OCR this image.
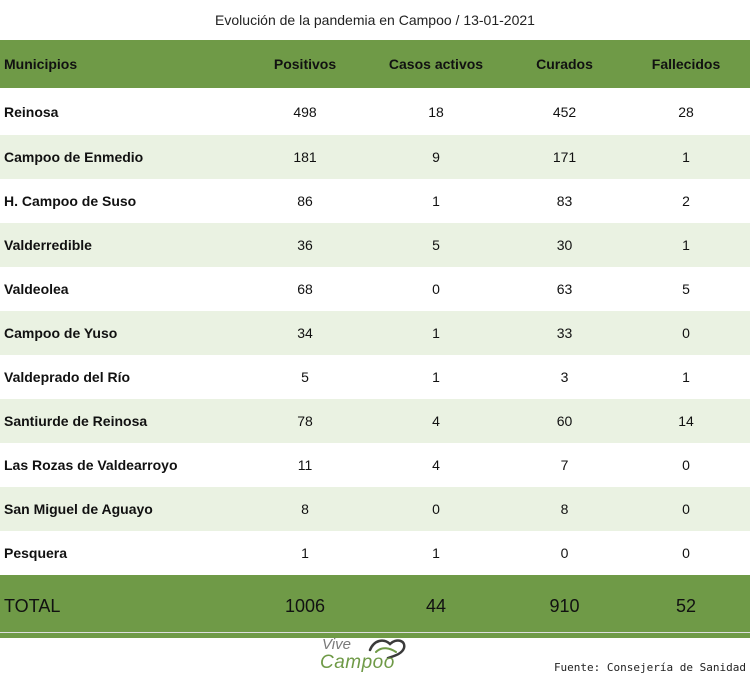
Evolución de la pandemia en Campoo / 13-01-2021
Municipios	Positivos	Casos activos	Curados	Fallecidos
Reinosa	498	18	452	28
Campoo de Enmedio	181	9	171	1
H. Campoo de Suso	86	1	83	2
Valderredible	36	5	30	1
Valdeolea	68	0	63	5
Campoo de Yuso	34	1	33	0
Valdeprado del Río	5	1	3	1
Santiurde de Reinosa	78	4	60	14
Las Rozas de Valdearroyo	11	4	7	0
San Miguel de Aguayo	8	0	8	0
Pesquera	1	1	0	0
TOTAL	1006	44	910	52
Vive
Campoo	Fuente: Consejería de Sanidad
